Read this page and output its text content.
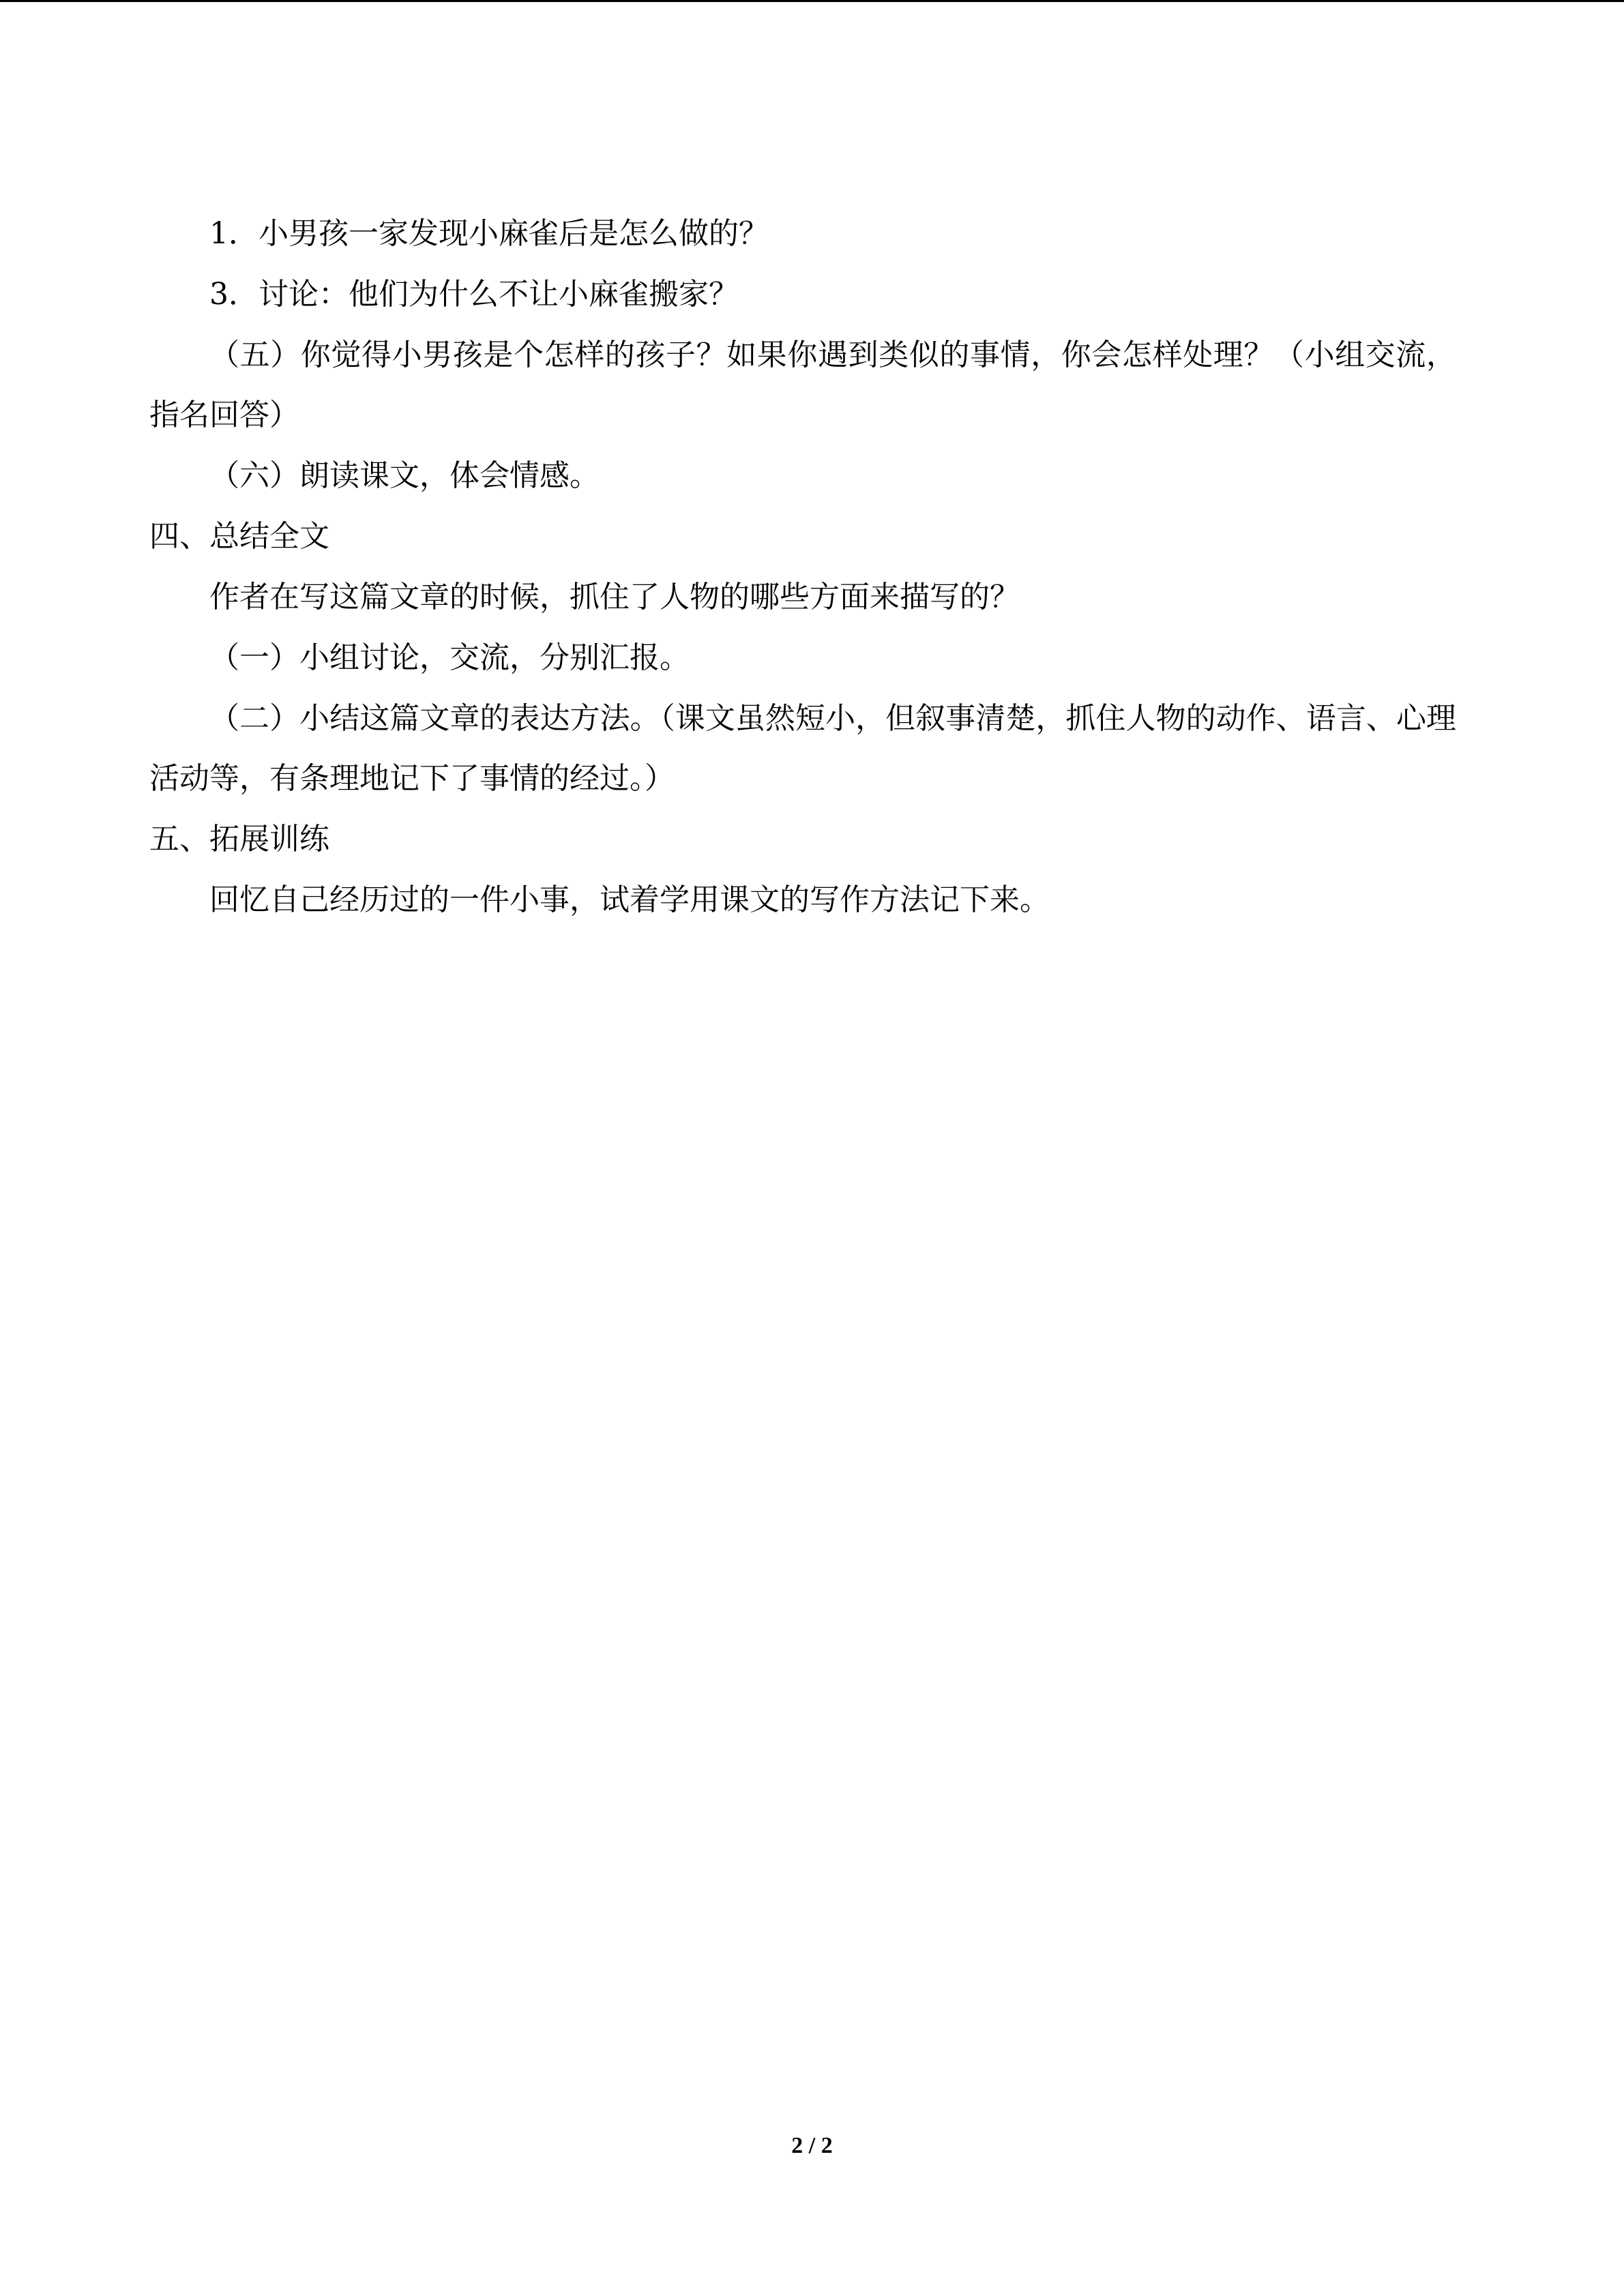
1．小男孩一家发现小麻雀后是怎么做的？
3．讨论：他们为什么不让小麻雀搬家？
（五）你觉得小男孩是个怎样的孩子？如果你遇到类似的事情，你会怎样处理？（小组交流，指名回答）
（六）朗读课文，体会情感。
四、总结全文
作者在写这篇文章的时候，抓住了人物的哪些方面来描写的？
（一）小组讨论，交流，分别汇报。
（二）小结这篇文章的表达方法。（课文虽然短小，但叙事清楚，抓住人物的动作、语言、心理活动等，有条理地记下了事情的经过。）
五、拓展训练
回忆自己经历过的一件小事，试着学用课文的写作方法记下来。
2 / 2
